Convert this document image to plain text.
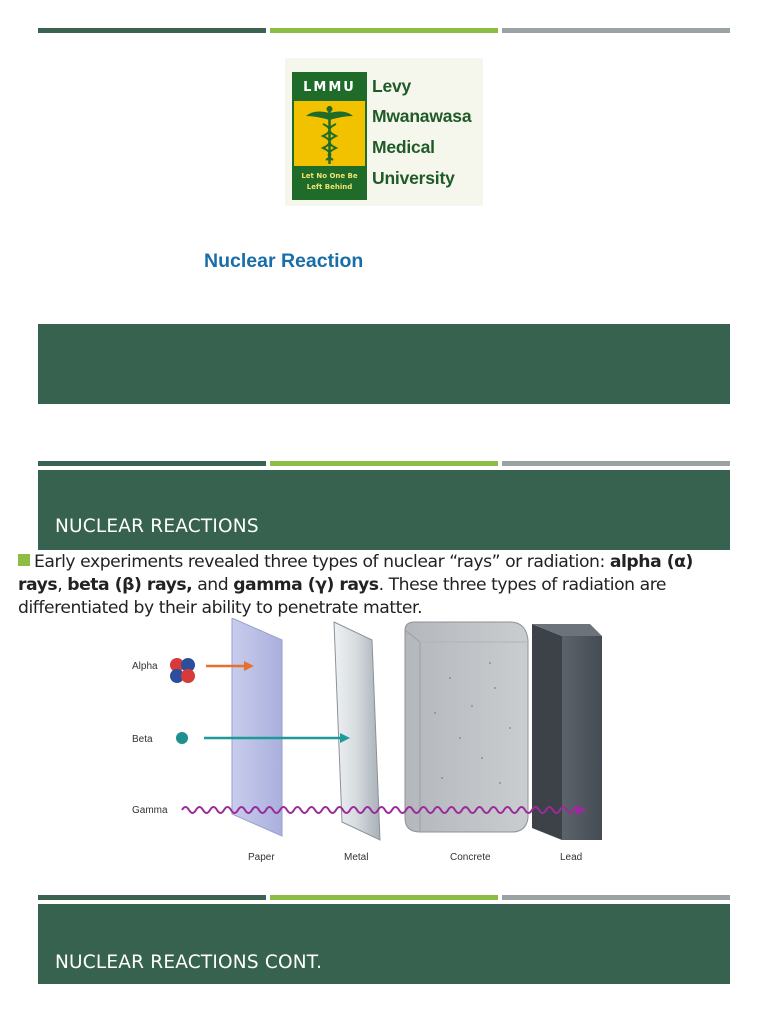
LMMU
Let No One Be
Left Behind
Levy
Mwanawasa
Medical
University
Nuclear Reaction
NUCLEAR REACTIONS
Early experiments revealed three types of nuclear “rays” or radiation: alpha (α) rays, beta (β) rays, and gamma (γ) rays. These three types of radiation are differentiated by their ability to penetrate matter.
Alpha
Beta
Gamma
Paper	Metal	Concrete	Lead
NUCLEAR REACTIONS CONT.
